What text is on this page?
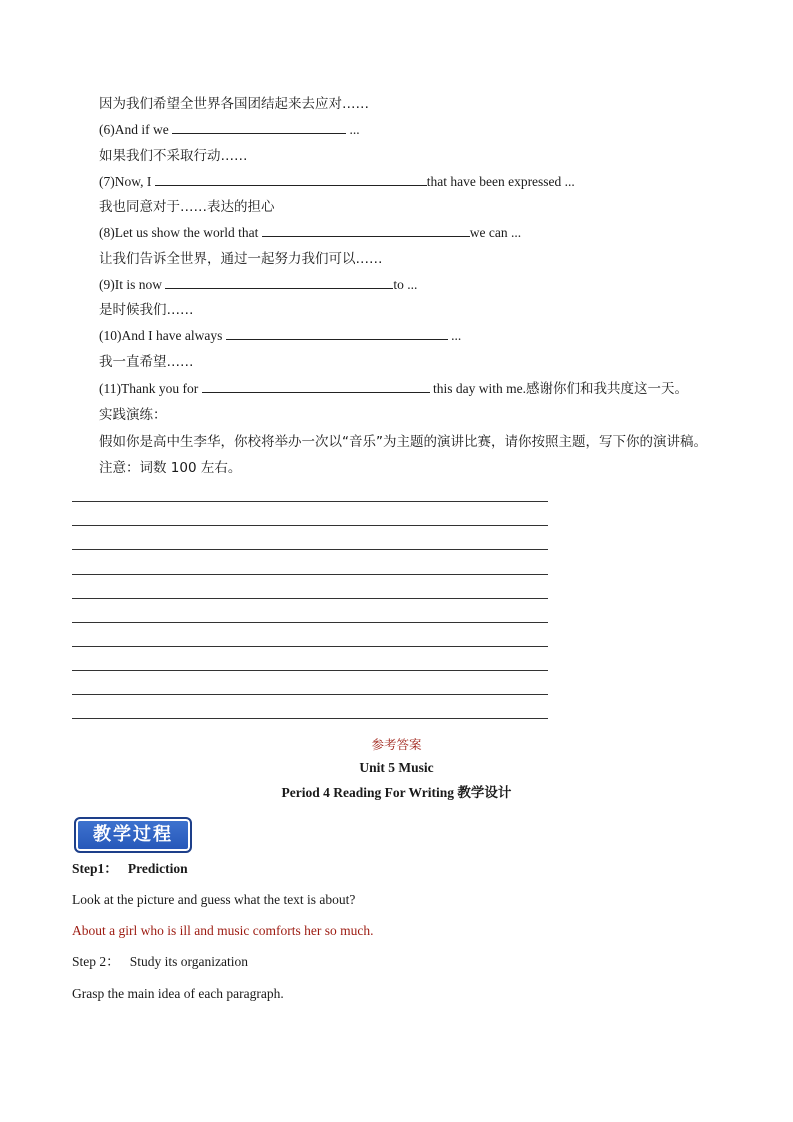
因为我们希望全世界各国团结起来去应对……
(6)And if we	...
如果我们不采取行动……
(7)Now, I	that have been expressed ...
我也同意对于……表达的担心
(8)Let us show the world that	we can ...
让我们告诉全世界，通过一起努力我们可以……
(9)It is now	to ...
是时候我们……
(10)And I have always	...
我一直希望……
(11)Thank you for	this day with me.感谢你们和我共度这一天。
实践演练：
假如你是高中生李华，你校将举办一次以“音乐”为主题的演讲比赛，请你按照主题，写下你的演讲稿。
注意：词数 100 左右。
参考答案
Unit 5 Music
Period 4 Reading For Writing 教学设计
教学过程
Step1： Prediction
Look at the picture and guess what the text is about?
About a girl who is ill and music comforts her so much.
Step 2： Study its organization
Grasp the main idea of each paragraph.
